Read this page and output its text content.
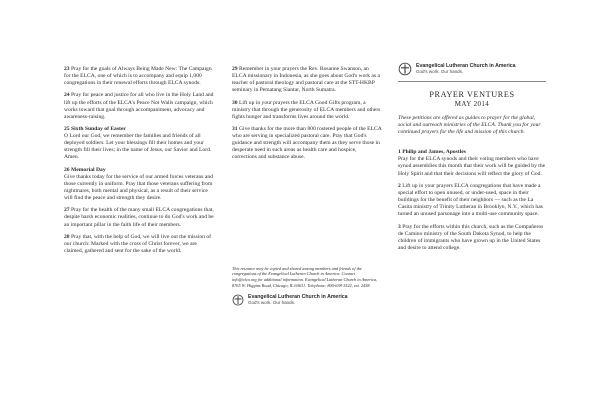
23 Pray for the goals of Always Being Made New: The Campaign for the ELCA, one of which is to accompany and equip 1,000 congregations in their renewal efforts through ELCA synods.

24 Pray for peace and justice for all who live in the Holy Land and lift up the efforts of the ELCA's Peace Not Walls campaign, which works toward that goal through accompaniment, advocacy and awareness-raising.

25 Sixth Sunday of Easter
O Lord our God, we remember the families and friends of all deployed soldiers. Let your blessings fill their homes and your strength fill their lives; in the name of Jesus, our Savior and Lord. Amen.

26 Memorial Day
Give thanks today for the service of our armed forces veterans and those currently in uniform. Pray that those veterans suffering from nightmares, both mental and physical, as a result of their service will find the peace and strength they desire.

27 Pray for the health of the many small ELCA congregations that, despite harsh economic realities, continue to do God's work and be an important pillar in the faith life of their members.

28 Pray that, with the help of God, we will live out the mission of our church: Marked with the cross of Christ forever, we are claimed, gathered and sent for the sake of the world.

29 Remember in your prayers the Rev. Rosanne Swanson, an ELCA missionary in Indonesia, as she goes about God's work as a teacher of pastoral theology and pastoral care at the STT-HKBP seminary in Pematang Siantar, North Sumatra.

30 Lift up in your prayers the ELCA Good Gifts program, a ministry that through the generosity of ELCA members and others fights hunger and transforms lives around the world.

31 Give thanks for the more than 800 rostered people of the ELCA who are serving in specialized pastoral care. Pray that God's guidance and strength will accompany them as they serve those in desperate need in such areas as health care and hospice, corrections and substance abuse.

This resource may be copied and shared among members and friends of the congregations of the Evangelical Lutheran Church in America. Contact info@elca.org for additional information. Evangelical Lutheran Church in America, 8765 W. Higgins Road, Chicago, IL 60631. Telephone: 800-638-3522, ext. 2458.

Evangelical Lutheran Church in America
God's work. Our hands.
Evangelical Lutheran Church in America
God's work. Our hands.
PRAYER VENTURES
MAY 2014

These petitions are offered as guides to prayer for the global, social and outreach ministries of the ELCA. Thank you for your continued prayers for the life and mission of this church.

1 Philip and James, Apostles
Pray for the ELCA synods and their voting members who have synod assemblies this month that their work will be guided by the Holy Spirit and that their decisions will reflect the glory of God.

2 Lift up in your prayers ELCA congregations that have made a special effort to open unused, or under-used, space in their buildings for the benefit of their neighbors — such as the La Casita ministry of Trinity Lutheran in Brooklyn, N.Y., which has turned an unused parsonage into a multi-use community space.

3 Pray for the efforts within this church, such as the Compañeros de Camino ministry of the South Dakota Synod, to help the children of immigrants who have grown up in the United States and desire to attend college.
